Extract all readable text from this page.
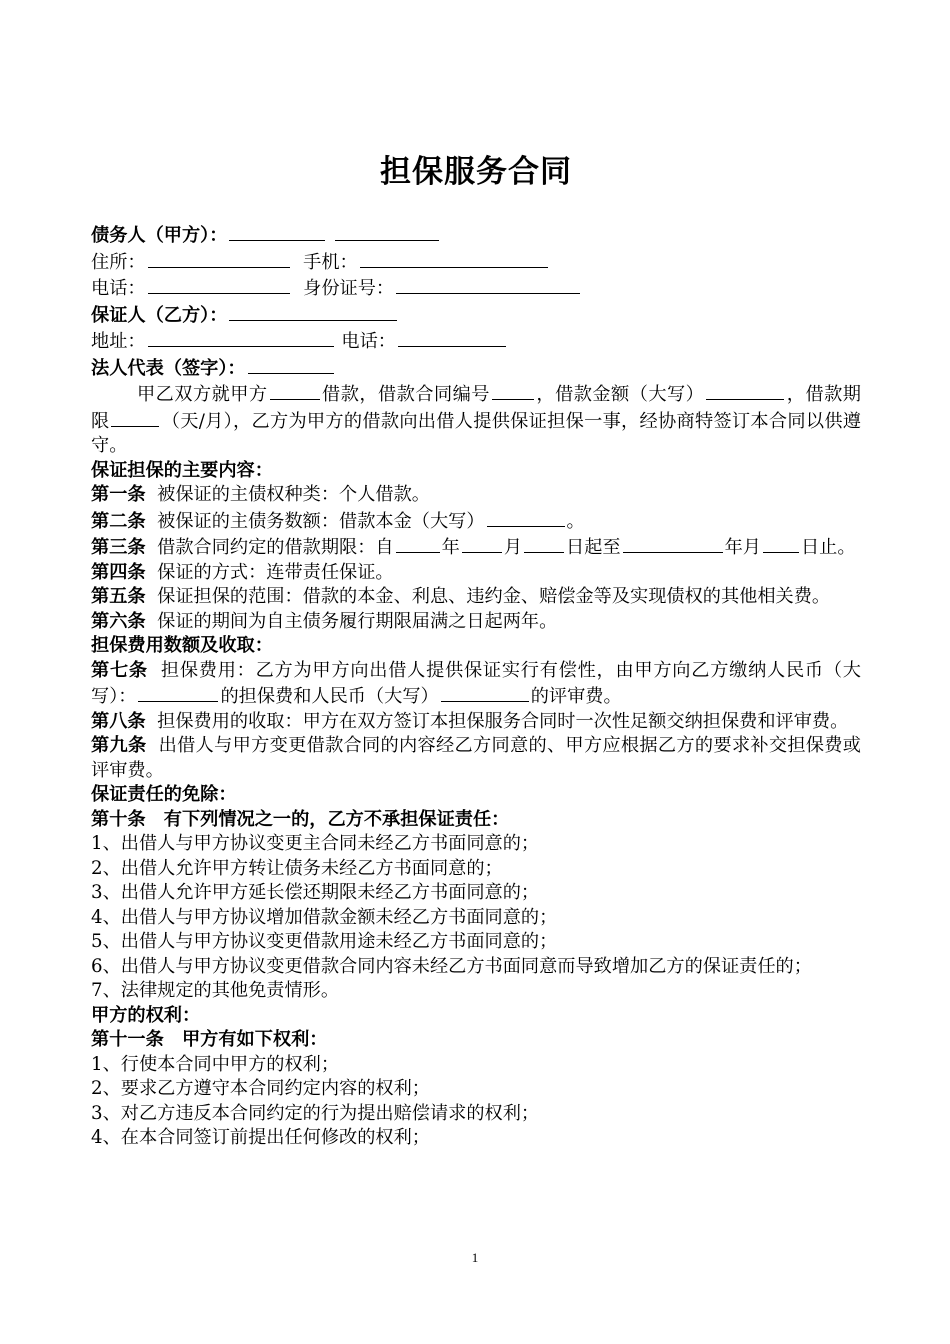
担保服务合同
债务人（甲方）：
住所：	手机：
电话：	身份证号：
保证人（乙方）：
地址：	电话：
法人代表（签字）：
甲乙双方就甲方	借款，借款合同编号	，借款金额（大写）	，借款期限	（天/月），乙方为甲方的借款向出借人提供保证担保一事，经协商特签订本合同以供遵守。
保证担保的主要内容：
第一条 被保证的主债权种类：个人借款。
第二条 被保证的主债务数额：借款本金（大写）	。
第三条 借款合同约定的借款期限：自	年 月 日起至	年月 日止。
第四条 保证的方式：连带责任保证。
第五条 保证担保的范围：借款的本金、利息、违约金、赔偿金等及实现债权的其他相关费。
第六条 保证的期间为自主债务履行期限届满之日起两年。
担保费用数额及收取：
第七条 担保费用：乙方为甲方向出借人提供保证实行有偿性，由甲方向乙方缴纳人民币（大写）：	的担保费和人民币（大写）	的评审费。
第八条 担保费用的收取：甲方在双方签订本担保服务合同时一次性足额交纳担保费和评审费。
第九条 出借人与甲方变更借款合同的内容经乙方同意的、甲方应根据乙方的要求补交担保费或评审费。
保证责任的免除：
第十条　有下列情况之一的，乙方不承担保证责任：
1、出借人与甲方协议变更主合同未经乙方书面同意的；
2、出借人允许甲方转让债务未经乙方书面同意的；
3、出借人允许甲方延长偿还期限未经乙方书面同意的；
4、出借人与甲方协议增加借款金额未经乙方书面同意的；
5、出借人与甲方协议变更借款用途未经乙方书面同意的；
6、出借人与甲方协议变更借款合同内容未经乙方书面同意而导致增加乙方的保证责任的；
7、法律规定的其他免责情形。
甲方的权利：
第十一条　甲方有如下权利：
1、行使本合同中甲方的权利；
2、要求乙方遵守本合同约定内容的权利；
3、对乙方违反本合同约定的行为提出赔偿请求的权利；
4、在本合同签订前提出任何修改的权利；
1
